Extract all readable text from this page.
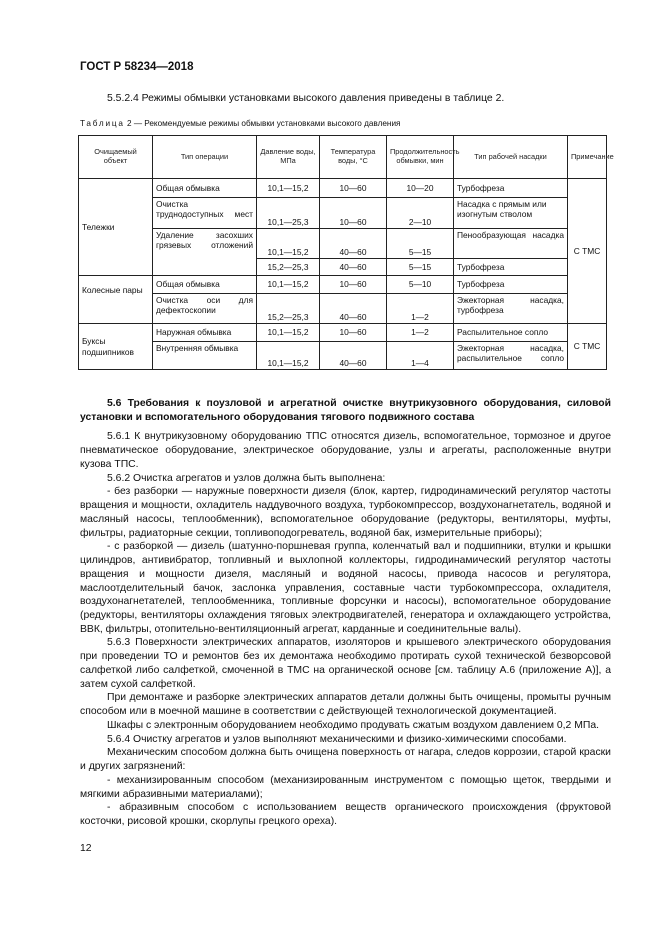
ГОСТ Р 58234—2018
5.5.2.4 Режимы обмывки установками высокого давления приведены в таблице 2.
Таблица 2 — Рекомендуемые режимы обмывки установками высокого давления
Очищаемый объект	Тип операции	Давление воды, МПа	Температура воды, °С	Продолжительность обмывки, мин	Тип рабочей насадки	Примечание
Тележки	Общая обмывка	10,1—15,2	10—60	10—20	Турбофреза	С ТМС
	Очистка труднодоступных мест	10,1—25,3	10—60	2—10	Насадка с прямым или изогнутым стволом	
	Удаление засохших грязевых отложений	10,1—15,2	40—60	5—15	Пенообразующая насадка	
		15,2—25,3	40—60	5—15	Турбофреза	
Колесные пары	Общая обмывка	10,1—15,2	10—60	5—10	Турбофреза	
	Очистка оси для дефектоскопии	15,2—25,3	40—60	1—2	Эжекторная насадка, турбофреза	
Буксы подшипников	Наружная обмывка	10,1—15,2	10—60	1—2	Распылительное сопло	С ТМС
	Внутренняя обмывка	10,1—15,2	40—60	1—4	Эжекторная насадка, распылительное сопло	
5.6 Требования к поузловой и агрегатной очистке внутрикузовного оборудования, силовой установки и вспомогательного оборудования тягового подвижного состава

5.6.1 К внутрикузовному оборудованию ТПС относятся дизель, вспомогательное, тормозное и другое пневматическое оборудование, электрическое оборудование, узлы и агрегаты, расположенные внутри кузова ТПС.

5.6.2 Очистка агрегатов и узлов должна быть выполнена:

- без разборки — наружные поверхности дизеля (блок, картер, гидродинамический регулятор частоты вращения и мощности, охладитель наддувочного воздуха, турбокомпрессор, воздухонагнетатель, водяной и масляный насосы, теплообменник), вспомогательное оборудование (редукторы, вентиляторы, муфты, фильтры, радиаторные секции, топливоподогреватель, водяной бак, измерительные приборы);

- с разборкой — дизель (шатунно-поршневая группа, коленчатый вал и подшипники, втулки и крышки цилиндров, антивибратор, топливный и выхлопной коллекторы, гидродинамический регулятор частоты вращения и мощности дизеля, масляный и водяной насосы, привода насосов и регулятора, маслоотделительный бачок, заслонка управления, составные части турбокомпрессора, охладителя, воздухонагнетателей, теплообменника, топливные форсунки и насосы), вспомогательное оборудование (редукторы, вентиляторы охлаждения тяговых электродвигателей, генератора и охлаждающего устройства, ВВК, фильтры, отопительно-вентиляционный агрегат, карданные и соединительные валы).

5.6.3 Поверхности электрических аппаратов, изоляторов и крышевого электрического оборудования при проведении ТО и ремонтов без их демонтажа необходимо протирать сухой технической безворсовой салфеткой либо салфеткой, смоченной в ТМС на органической основе [см. таблицу А.6 (приложение А)], а затем сухой салфеткой.

При демонтаже и разборке электрических аппаратов детали должны быть очищены, промыты ручным способом или в моечной машине в соответствии с действующей технологической документацией.

Шкафы с электронным оборудованием необходимо продувать сжатым воздухом давлением 0,2 МПа.

5.6.4 Очистку агрегатов и узлов выполняют механическими и физико-химическими способами.

Механическим способом должна быть очищена поверхность от нагара, следов коррозии, старой краски и других загрязнений:

- механизированным способом (механизированным инструментом с помощью щеток, твердыми и мягкими абразивными материалами);

- абразивным способом с использованием веществ органического происхождения (фруктовой косточки, рисовой крошки, скорлупы грецкого ореха).

12
